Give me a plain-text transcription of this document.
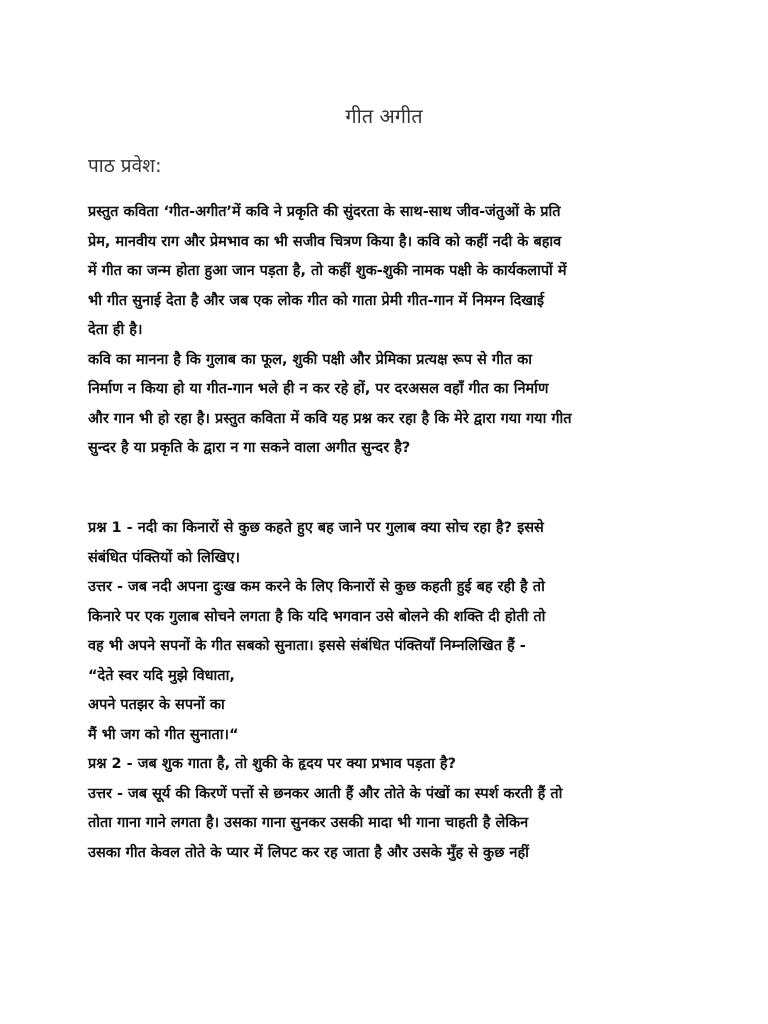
गीत अगीत
पाठ प्रवेश:
प्रस्तुत कविता ‘गीत-अगीत’में कवि ने प्रकृति की सुंदरता के साथ-साथ जीव-जंतुओं के प्रति
प्रेम, मानवीय राग और प्रेमभाव का भी सजीव चित्रण किया है। कवि को कहीं नदी के बहाव
में गीत का जन्म होता हुआ जान पड़ता है, तो कहीं शुक-शुकी नामक पक्षी के कार्यकलापों में
भी गीत सुनाई देता है और जब एक लोक गीत को गाता प्रेमी गीत-गान में निमग्न दिखाई
देता ही है।
कवि का मानना है कि गुलाब का फूल, शुकी पक्षी और प्रेमिका प्रत्यक्ष रूप से गीत का
निर्माण न किया हो या गीत-गान भले ही न कर रहे हों, पर दरअसल वहाँ गीत का निर्माण
और गान भी हो रहा है। प्रस्तुत कविता में कवि यह प्रश्न कर रहा है कि मेरे द्वारा गया गया गीत
सुन्दर है या प्रकृति के द्वारा न गा सकने वाला अगीत सुन्दर है?
प्रश्न 1 - नदी का किनारों से कुछ कहते हुए बह जाने पर गुलाब क्या सोच रहा है? इससे
संबंधित पंक्तियों को लिखिए।
उत्तर - जब नदी अपना दुःख कम करने के लिए किनारों से कुछ कहती हुई बह रही है तो
किनारे पर एक गुलाब सोचने लगता है कि यदि भगवान उसे बोलने की शक्ति दी होती तो
वह भी अपने सपनों के गीत सबको सुनाता। इससे संबंधित पंक्तियाँ निम्नलिखित हैं -
“देते स्वर यदि मुझे विधाता,
अपने पतझर के सपनों का
मैं भी जग को गीत सुनाता।“
प्रश्न 2 - जब शुक गाता है, तो शुकी के हृदय पर क्या प्रभाव पड़ता है?
उत्तर - जब सूर्य की किरणें पत्तों से छनकर आती हैं और तोते के पंखों का स्पर्श करती हैं तो
तोता गाना गाने लगता है। उसका गाना सुनकर उसकी मादा भी गाना चाहती है लेकिन
उसका गीत केवल तोते के प्यार में लिपट कर रह जाता है और उसके मुँह से कुछ नहीं
